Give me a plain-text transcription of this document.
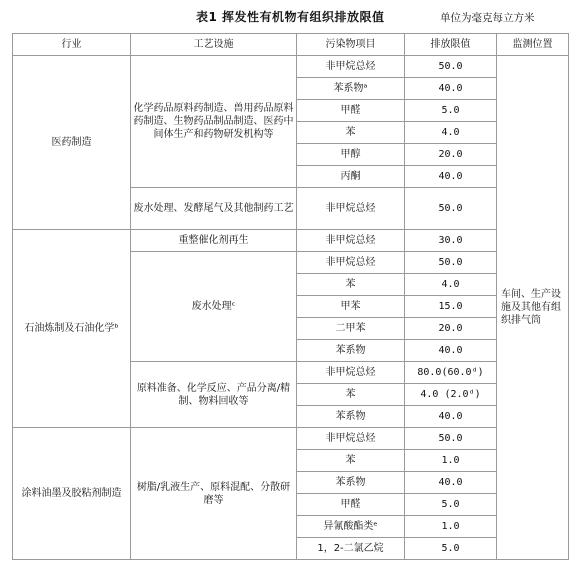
表1 挥发性有机物有组织排放限值	单位为毫克每立方米
行业	工艺设施	污染物项目	排放限值	监测位置
医药制造	化学药品原料药制造、兽用药品原料药制造、生物药品制品制造、医药中间体生产和药物研发机构等	非甲烷总烃	50.0	车间、生产设施及其他有组织排气筒

		苯系物ᵃ	40.0	
		甲醛	5.0	
		苯	4.0	
		甲醇	20.0	
		丙酮	40.0	
	废水处理、发酵尾气及其他制药工艺	非甲烷总烃	50.0	
石油炼制及石油化学ᵇ	重整催化剂再生	非甲烷总烃	30.0	
	废水处理ᶜ	非甲烷总烃	50.0	
		苯	4.0	
		甲苯	15.0	
		二甲苯	20.0	
		苯系物	40.0	
	原料准备、化学反应、产品分离/精制、物料回收等	非甲烷总烃	80.0(60.0ᵈ)	
		苯	4.0 (2.0ᵈ)	
		苯系物	40.0	
涂料油墨及胶粘剂制造	树脂/乳液生产、原料混配、分散研磨等	非甲烷总烃	50.0	
		苯	1.0	
		苯系物	40.0	
		甲醛	5.0	
		异氰酸酯类ᵉ	1.0	
		1，2-二氯乙烷	5.0	
